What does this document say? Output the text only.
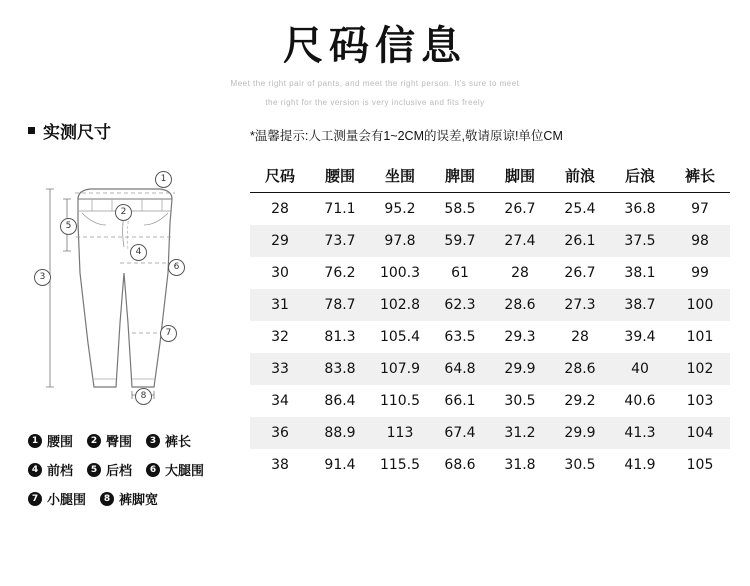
尺码信息

Meet the right pair of pants, and meet the right person. It's sure to meet

the right for the version is very inclusive and fits freely

实测尺寸
1
2
3
4
5
6
7
8
1 腰围	2 臀围	3 裤长
4 前档	5 后档	6 大腿围
7 小腿围	8 裤脚宽
*温馨提示:人工测量会有1~2CM的误差,敬请原谅!单位CM
尺码	腰围	坐围	脾围	脚围	前浪	后浪	裤长
28	71.1	95.2	58.5	26.7	25.4	36.8	97
29	73.7	97.8	59.7	27.4	26.1	37.5	98
30	76.2	100.3	61	28	26.7	38.1	99
31	78.7	102.8	62.3	28.6	27.3	38.7	100
32	81.3	105.4	63.5	29.3	28	39.4	101
33	83.8	107.9	64.8	29.9	28.6	40	102
34	86.4	110.5	66.1	30.5	29.2	40.6	103
36	88.9	113	67.4	31.2	29.9	41.3	104
38	91.4	115.5	68.6	31.8	30.5	41.9	105
